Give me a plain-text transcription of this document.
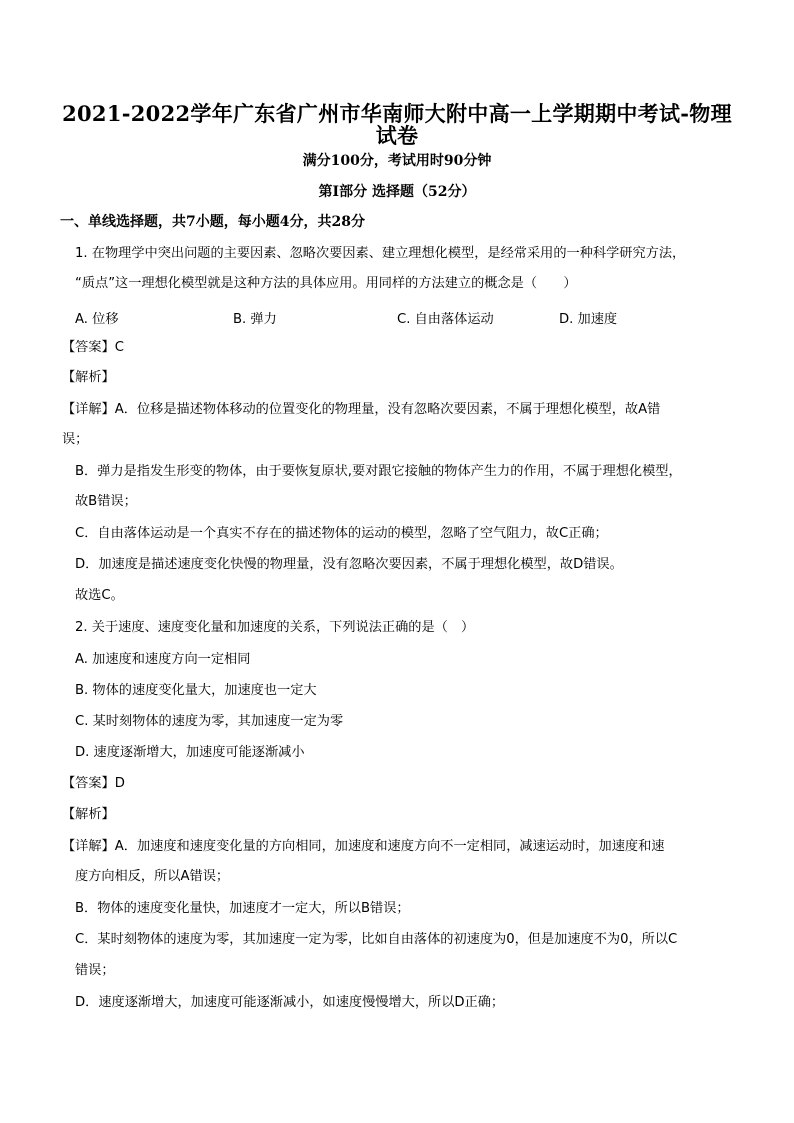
2021-2022学年广东省广州市华南师大附中高一上学期期中考试-物理
试卷
满分100分，考试用时90分钟
第I部分 选择题（52分）
一、单线选择题，共7小题，每小题4分，共28分
1. 在物理学中突出问题的主要因素、忽略次要因素、建立理想化模型，是经常采用的一种科学研究方法，
“质点”这一理想化模型就是这种方法的具体应用。用同样的方法建立的概念是（　　）
A. 位移	B. 弹力	C. 自由落体运动	D. 加速度
【答案】C
【解析】
【详解】A．位移是描述物体移动的位置变化的物理量，没有忽略次要因素，不属于理想化模型，故A错
误；
B．弹力是指发生形变的物体，由于要恢复原状,要对跟它接触的物体产生力的作用，不属于理想化模型，
故B错误；
C．自由落体运动是一个真实不存在的描述物体的运动的模型，忽略了空气阻力，故C正确；
D．加速度是描述速度变化快慢的物理量，没有忽略次要因素，不属于理想化模型，故D错误。
故选C。
2. 关于速度、速度变化量和加速度的关系，下列说法正确的是（　）
A. 加速度和速度方向一定相同
B. 物体的速度变化量大，加速度也一定大
C. 某时刻物体的速度为零，其加速度一定为零
D. 速度逐渐增大，加速度可能逐渐减小
【答案】D
【解析】
【详解】A．加速度和速度变化量的方向相同，加速度和速度方向不一定相同，减速运动时，加速度和速
度方向相反，所以A错误；
B．物体的速度变化量快，加速度才一定大，所以B错误；
C．某时刻物体的速度为零，其加速度一定为零，比如自由落体的初速度为0，但是加速度不为0，所以C
错误；
D．速度逐渐增大，加速度可能逐渐减小，如速度慢慢增大，所以D正确；
